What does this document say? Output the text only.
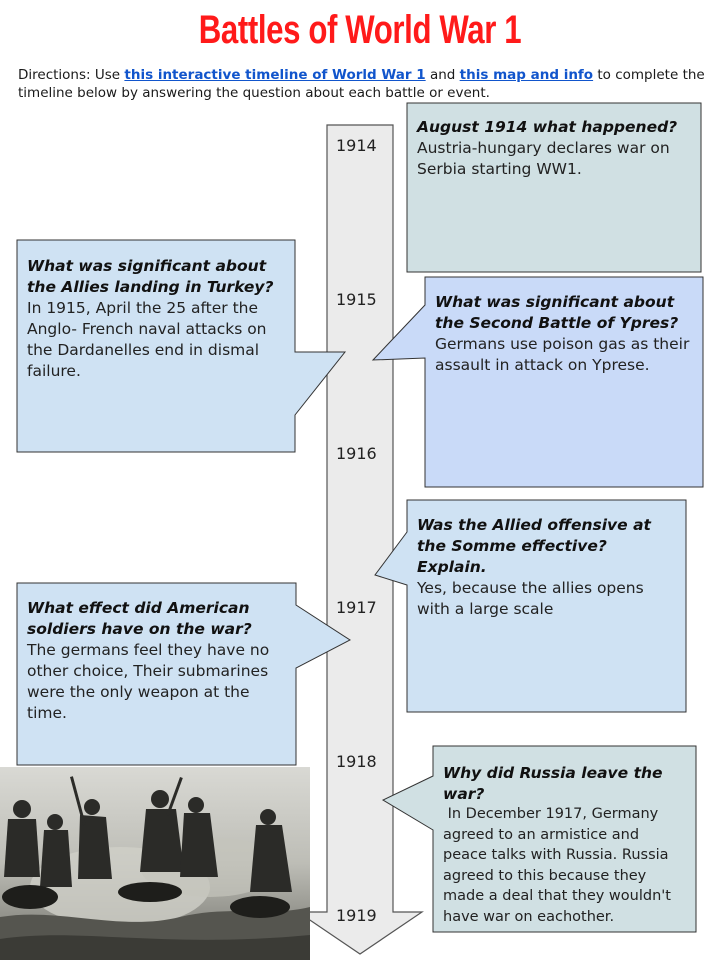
Battles of World War 1
Directions: Use this interactive timeline of World War 1 and this map and info to complete the timeline below by answering the question about each battle or event.
1914
1915
1916
1917
1918
1919
August 1914 what happened?
Austria-hungary declares war on Serbia starting WW1.
What was significant about the Allies landing in Turkey?
In 1915, April the 25 after the Anglo- French naval attacks on the Dardanelles end in dismal failure.
What was significant about the Second Battle of Ypres?
Germans use poison gas as their assault in attack on Yprese.
Was the Allied offensive at the Somme effective? Explain.
Yes, because the allies opens with a large scale
What effect did American soldiers have on the war?
The germans feel they have no other choice, Their submarines were the only weapon at the time.
Why did Russia leave the war?
In December 1917, Germany agreed to an armistice and peace talks with Russia. Russia agreed to this because they made a deal that they wouldn't have war on eachother.
